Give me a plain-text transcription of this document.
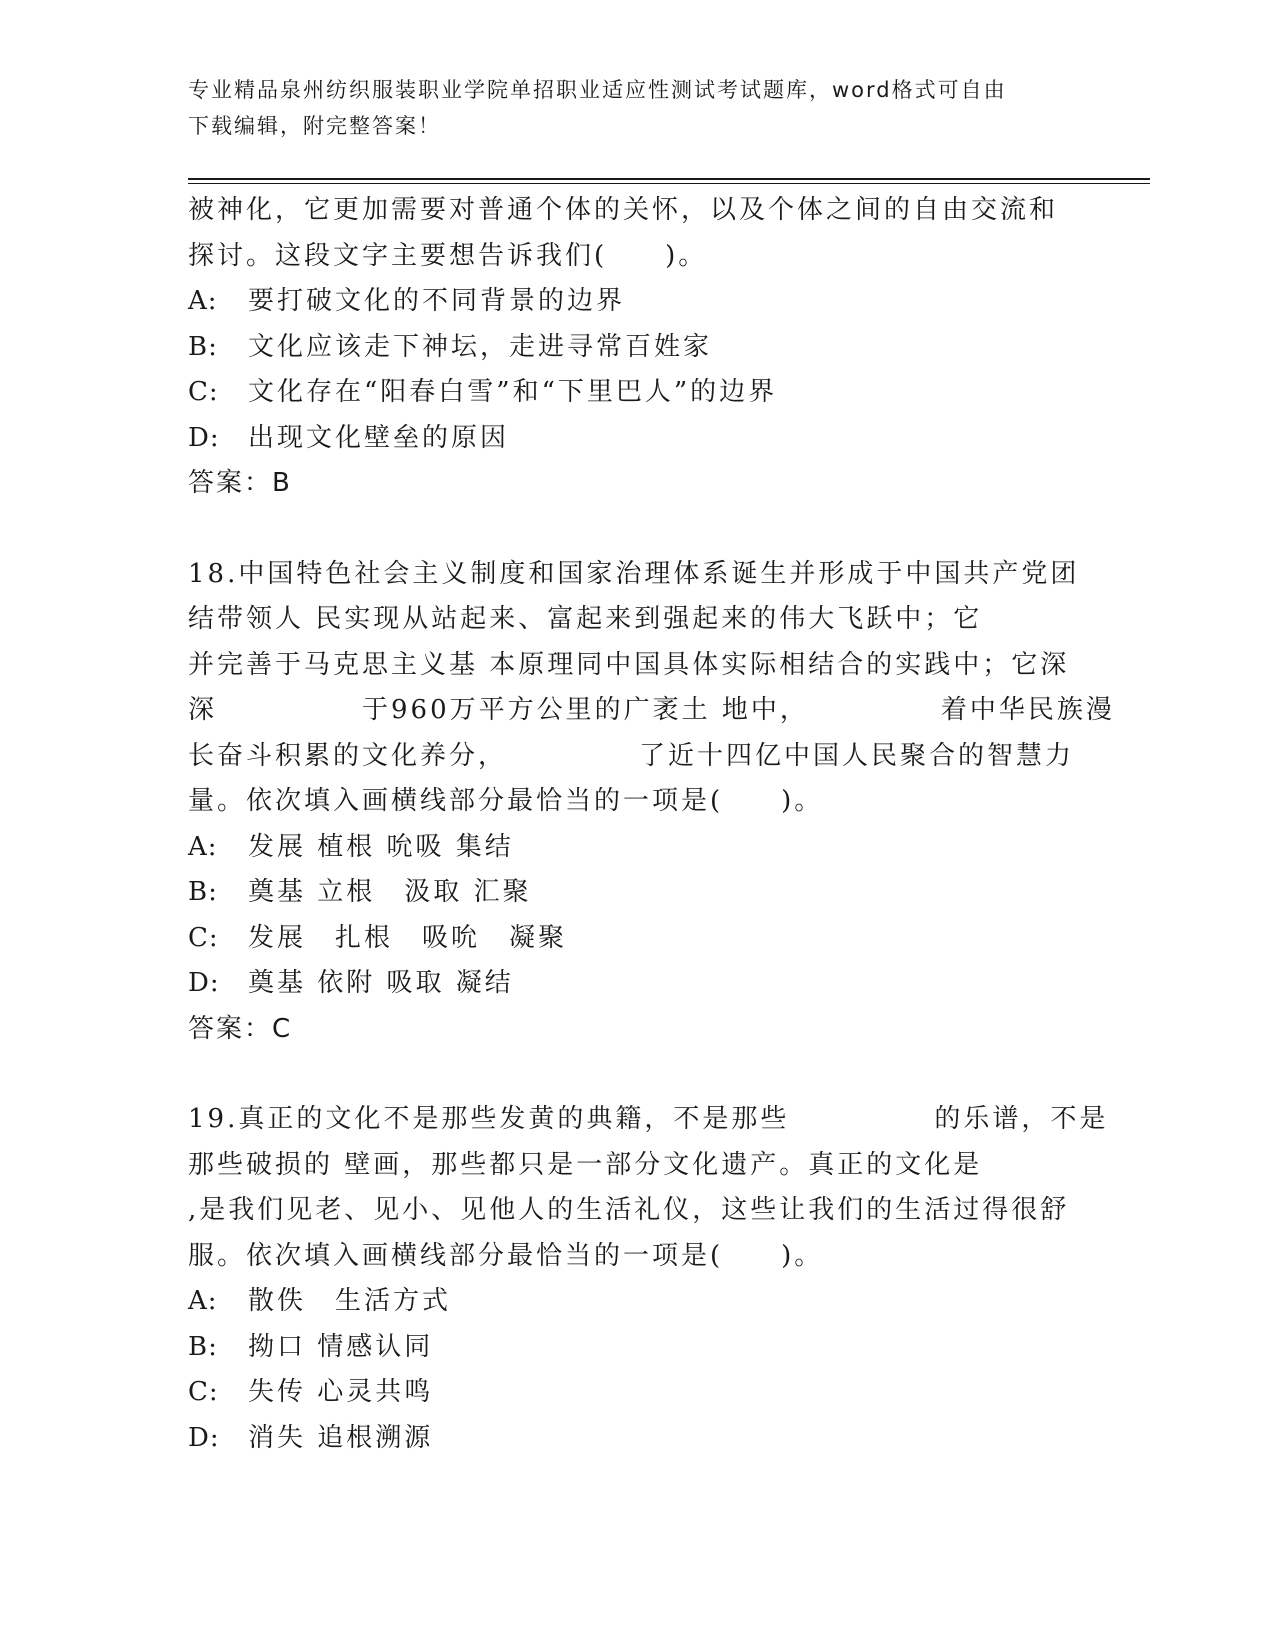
专业精品泉州纺织服装职业学院单招职业适应性测试考试题库，word格式可自由
下载编辑，附完整答案！
被神化，它更加需要对普通个体的关怀，以及个体之间的自由交流和
探讨。这段文字主要想告诉我们(　　)。
A: 要打破文化的不同背景的边界
B: 文化应该走下神坛，走进寻常百姓家
C: 文化存在“阳春白雪”和“下里巴人”的边界
D: 出现文化壁垒的原因
答案：B
18.中国特色社会主义制度和国家治理体系诞生并形成于中国共产党团
结带领人 民实现从站起来、富起来到强起来的伟大飞跃中；它
并完善于马克思主义基 本原理同中国具体实际相结合的实践中；它深
深　　　　　于960万平方公里的广袤土 地中，　　　　　着中华民族漫
长奋斗积累的文化养分，　　　　　了近十四亿中国人民聚合的智慧力
量。依次填入画横线部分最恰当的一项是(　　)。
A: 发展 植根 吮吸 集结
B: 奠基 立根　汲取 汇聚
C: 发展　扎根　吸吮　凝聚
D: 奠基 依附 吸取 凝结
答案：C
19.真正的文化不是那些发黄的典籍，不是那些　　　　　的乐谱，不是
那些破损的 壁画，那些都只是一部分文化遗产。真正的文化是
,是我们见老、见小、见他人的生活礼仪，这些让我们的生活过得很舒
服。依次填入画横线部分最恰当的一项是(　　)。
A: 散佚　生活方式
B: 拗口 情感认同
C: 失传 心灵共鸣
D: 消失 追根溯源
